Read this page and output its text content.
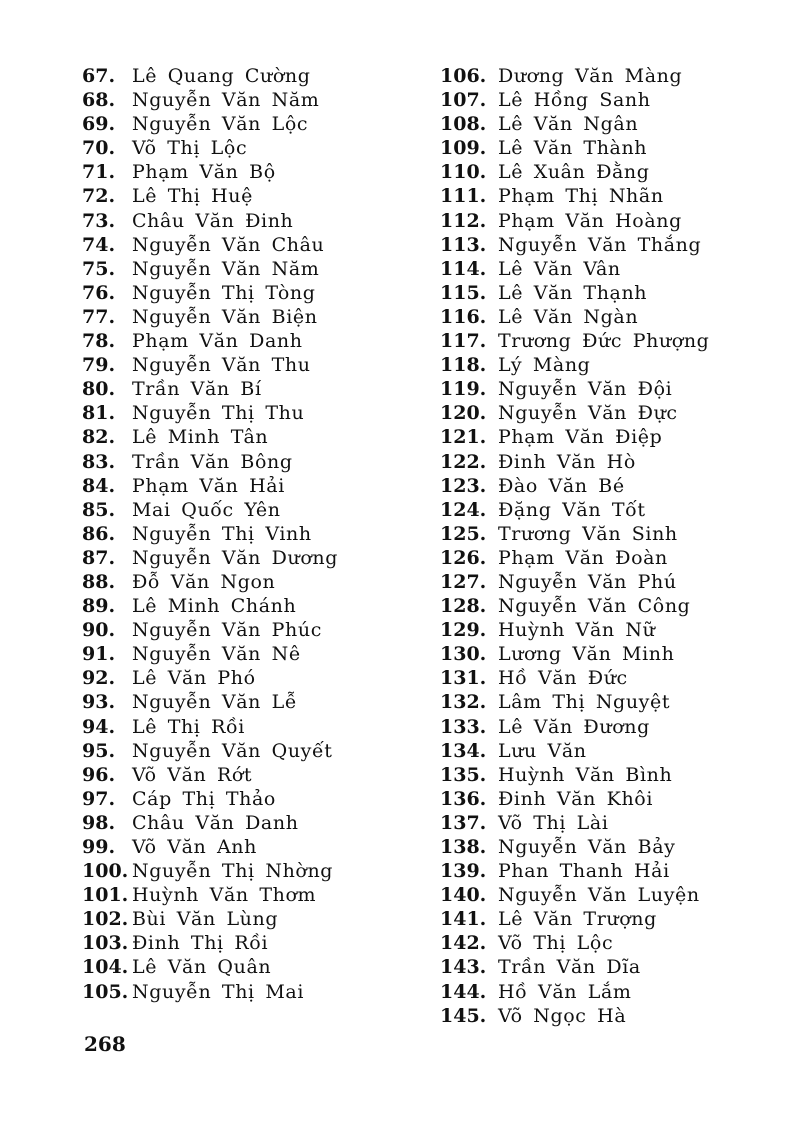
67. Lê Quang Cường
68. Nguyễn Văn Năm
69. Nguyễn Văn Lộc
70. Võ Thị Lộc
71. Phạm Văn Bộ
72. Lê Thị Huệ
73. Châu Văn Đinh
74. Nguyễn Văn Châu
75. Nguyễn Văn Năm
76. Nguyễn Thị Tòng
77. Nguyễn Văn Biện
78. Phạm Văn Danh
79. Nguyễn Văn Thu
80. Trần Văn Bí
81. Nguyễn Thị Thu
82. Lê Minh Tân
83. Trần Văn Bông
84. Phạm Văn Hải
85. Mai Quốc Yên
86. Nguyễn Thị Vinh
87. Nguyễn Văn Dương
88. Đỗ Văn Ngon
89. Lê Minh Chánh
90. Nguyễn Văn Phúc
91. Nguyễn Văn Nê
92. Lê Văn Phó
93. Nguyễn Văn Lễ
94. Lê Thị Rồi
95. Nguyễn Văn Quyết
96. Võ Văn Rớt
97. Cáp Thị Thảo
98. Châu Văn Danh
99. Võ Văn Anh
100. Nguyễn Thị Nhờng
101. Huỳnh Văn Thơm
102. Bùi Văn Lùng
103. Đinh Thị Rồi
104. Lê Văn Quân
105. Nguyễn Thị Mai
106. Dương Văn Màng
107. Lê Hồng Sanh
108. Lê Văn Ngân
109. Lê Văn Thành
110. Lê Xuân Đằng
111. Phạm Thị Nhãn
112. Phạm Văn Hoàng
113. Nguyễn Văn Thắng
114. Lê Văn Vân
115. Lê Văn Thạnh
116. Lê Văn Ngàn
117. Trương Đức Phượng
118. Lý Màng
119. Nguyễn Văn Đội
120. Nguyễn Văn Đực
121. Phạm Văn Điệp
122. Đinh Văn Hò
123. Đào Văn Bé
124. Đặng Văn Tốt
125. Trương Văn Sinh
126. Phạm Văn Đoàn
127. Nguyễn Văn Phú
128. Nguyễn Văn Công
129. Huỳnh Văn Nữ
130. Lương Văn Minh
131. Hồ Văn Đức
132. Lâm Thị Nguyệt
133. Lê Văn Đương
134. Lưu Văn
135. Huỳnh Văn Bình
136. Đinh Văn Khôi
137. Võ Thị Lài
138. Nguyễn Văn Bảy
139. Phan Thanh Hải
140. Nguyễn Văn Luyện
141. Lê Văn Trượng
142. Võ Thị Lộc
143. Trần Văn Dĩa
144. Hồ Văn Lắm
145. Võ Ngọc Hà
268
